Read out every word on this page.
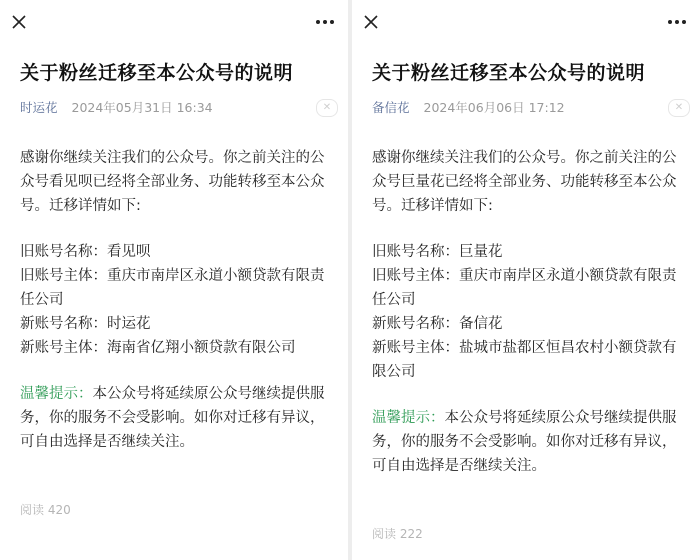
关于粉丝迁移至本公众号的说明
时运花 2024年05月31日 16:34	✕

感谢你继续关注我们的公众号。你之前关注的公众号看见呗已经将全部业务、功能转移至本公众号。迁移详情如下:

旧账号名称：看见呗

旧账号主体：重庆市南岸区永道小额贷款有限责任公司

新账号名称：时运花

新账号主体：海南省亿翔小额贷款有限公司

温馨提示：本公众号将延续原公众号继续提供服务，你的服务不会受影响。如你对迁移有异议，可自由选择是否继续关注。

阅读 420
关于粉丝迁移至本公众号的说明
备信花 2024年06月06日 17:12	✕

感谢你继续关注我们的公众号。你之前关注的公众号巨量花已经将全部业务、功能转移至本公众号。迁移详情如下:

旧账号名称：巨量花

旧账号主体：重庆市南岸区永道小额贷款有限责任公司

新账号名称：备信花

新账号主体：盐城市盐都区恒昌农村小额贷款有限公司

温馨提示：本公众号将延续原公众号继续提供服务，你的服务不会受影响。如你对迁移有异议，可自由选择是否继续关注。

阅读 222
